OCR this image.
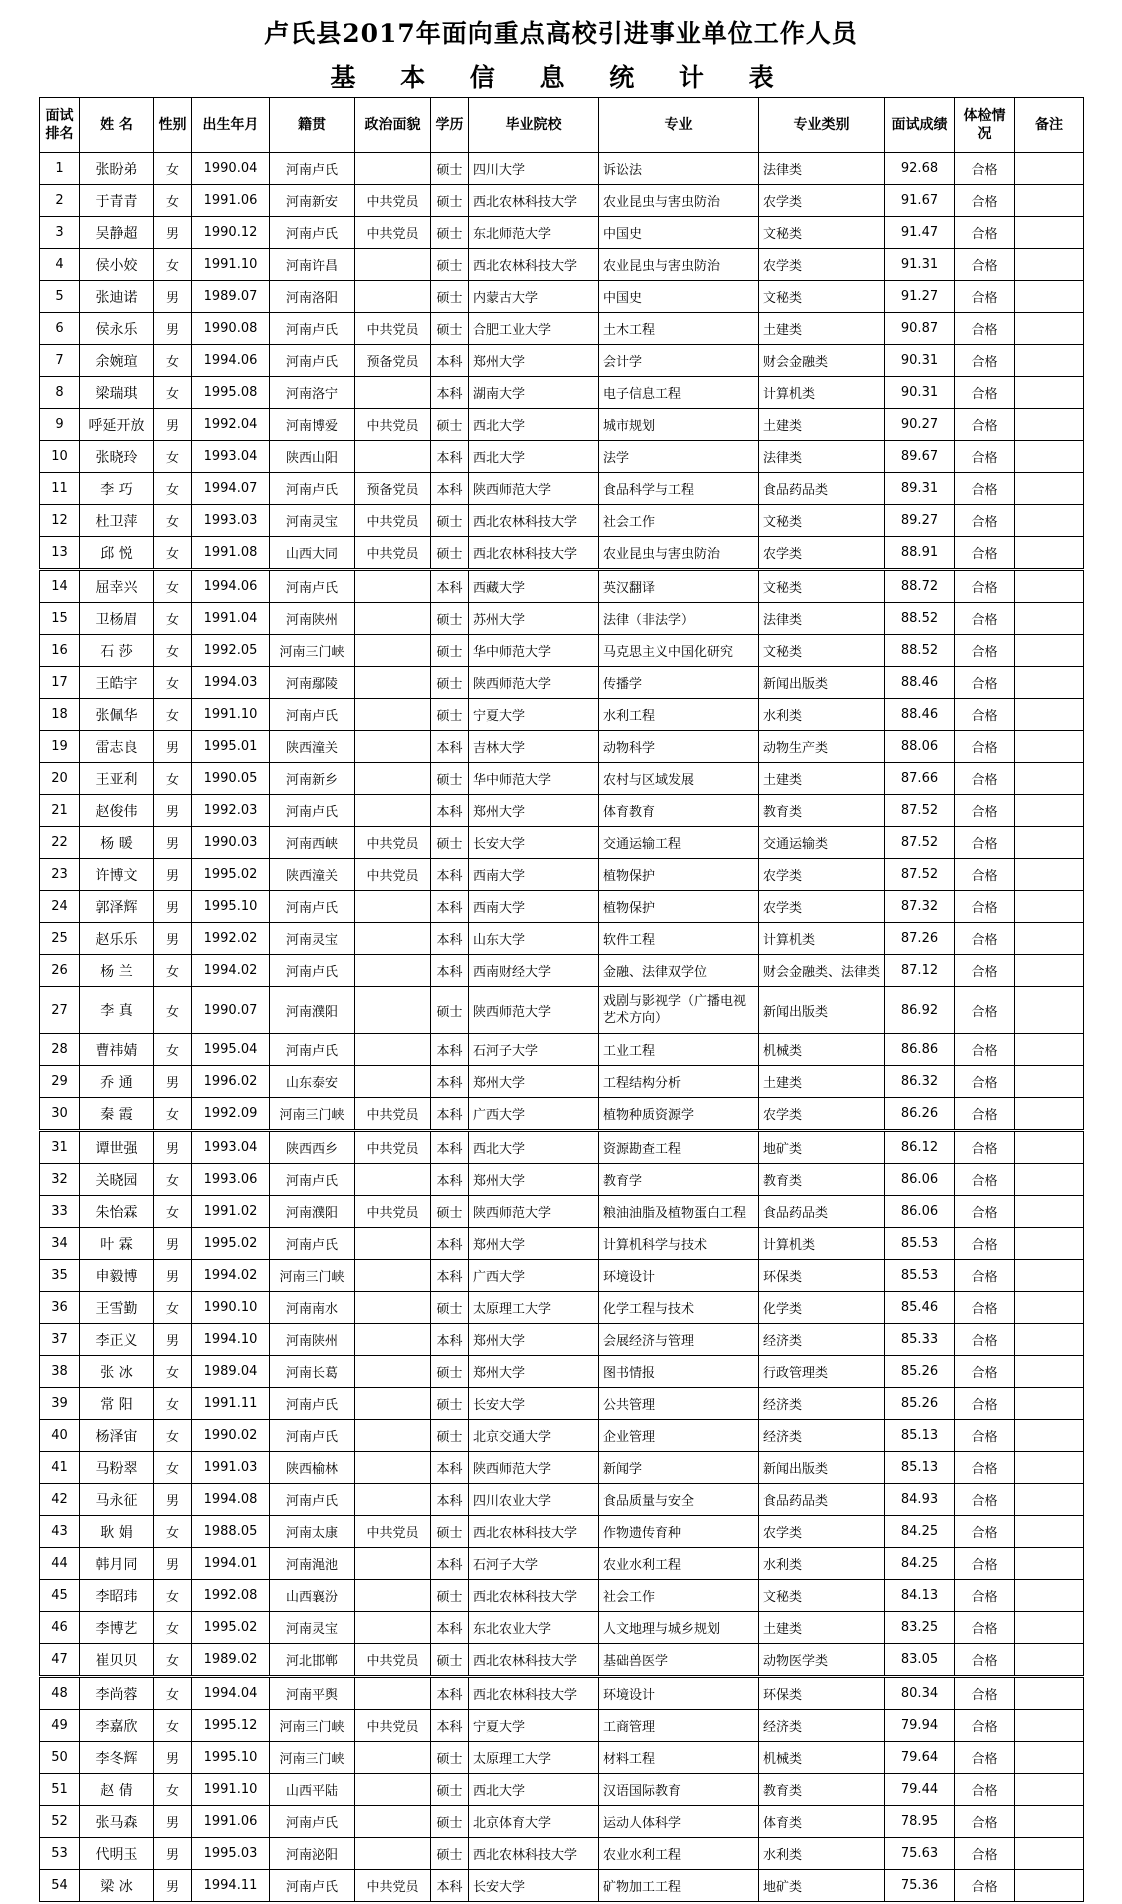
卢氏县2017年面向重点高校引进事业单位工作人员
基 本 信 息 统 计 表
面试排名	姓 名	性别	出生年月	籍贯	政治面貌	学历	毕业院校	专业	专业类别	面试成绩	体检情况	备注
1	张盼弟	女	1990.04	河南卢氏		硕士	四川大学	诉讼法	法律类	92.68	合格	
2	于青青	女	1991.06	河南新安	中共党员	硕士	西北农林科技大学	农业昆虫与害虫防治	农学类	91.67	合格	
3	吴静超	男	1990.12	河南卢氏	中共党员	硕士	东北师范大学	中国史	文秘类	91.47	合格	
4	侯小姣	女	1991.10	河南许昌		硕士	西北农林科技大学	农业昆虫与害虫防治	农学类	91.31	合格	
5	张迪诺	男	1989.07	河南洛阳		硕士	内蒙古大学	中国史	文秘类	91.27	合格	
6	侯永乐	男	1990.08	河南卢氏	中共党员	硕士	合肥工业大学	土木工程	土建类	90.87	合格	
7	余婉瑄	女	1994.06	河南卢氏	预备党员	本科	郑州大学	会计学	财会金融类	90.31	合格	
8	梁瑞琪	女	1995.08	河南洛宁		本科	湖南大学	电子信息工程	计算机类	90.31	合格	
9	呼延开放	男	1992.04	河南博爱	中共党员	硕士	西北大学	城市规划	土建类	90.27	合格	
10	张晓玲	女	1993.04	陕西山阳		本科	西北大学	法学	法律类	89.67	合格	
11	李 巧	女	1994.07	河南卢氏	预备党员	本科	陕西师范大学	食品科学与工程	食品药品类	89.31	合格	
12	杜卫萍	女	1993.03	河南灵宝	中共党员	硕士	西北农林科技大学	社会工作	文秘类	89.27	合格	
13	邱 悦	女	1991.08	山西大同	中共党员	硕士	西北农林科技大学	农业昆虫与害虫防治	农学类	88.91	合格	
14	屈幸兴	女	1994.06	河南卢氏		本科	西藏大学	英汉翻译	文秘类	88.72	合格	
15	卫杨眉	女	1991.04	河南陕州		硕士	苏州大学	法律（非法学）	法律类	88.52	合格	
16	石 莎	女	1992.05	河南三门峡		硕士	华中师范大学	马克思主义中国化研究	文秘类	88.52	合格	
17	王皓宇	女	1994.03	河南鄢陵		硕士	陕西师范大学	传播学	新闻出版类	88.46	合格	
18	张佩华	女	1991.10	河南卢氏		硕士	宁夏大学	水利工程	水利类	88.46	合格	
19	雷志良	男	1995.01	陕西潼关		本科	吉林大学	动物科学	动物生产类	88.06	合格	
20	王亚利	女	1990.05	河南新乡		硕士	华中师范大学	农村与区域发展	土建类	87.66	合格	
21	赵俊伟	男	1992.03	河南卢氏		本科	郑州大学	体育教育	教育类	87.52	合格	
22	杨 暖	男	1990.03	河南西峡	中共党员	硕士	长安大学	交通运输工程	交通运输类	87.52	合格	
23	许博文	男	1995.02	陕西潼关	中共党员	本科	西南大学	植物保护	农学类	87.52	合格	
24	郭泽辉	男	1995.10	河南卢氏		本科	西南大学	植物保护	农学类	87.32	合格	
25	赵乐乐	男	1992.02	河南灵宝		本科	山东大学	软件工程	计算机类	87.26	合格	
26	杨 兰	女	1994.02	河南卢氏		本科	西南财经大学	金融、法律双学位	财会金融类、法律类	87.12	合格	
27	李 真	女	1990.07	河南濮阳		硕士	陕西师范大学	戏剧与影视学（广播电视艺术方向）	新闻出版类	86.92	合格	
28	曹祎婧	女	1995.04	河南卢氏		本科	石河子大学	工业工程	机械类	86.86	合格	
29	乔 通	男	1996.02	山东泰安		本科	郑州大学	工程结构分析	土建类	86.32	合格	
30	秦 霞	女	1992.09	河南三门峡	中共党员	本科	广西大学	植物种质资源学	农学类	86.26	合格	
31	谭世强	男	1993.04	陕西西乡	中共党员	本科	西北大学	资源勘查工程	地矿类	86.12	合格	
32	关晓园	女	1993.06	河南卢氏		本科	郑州大学	教育学	教育类	86.06	合格	
33	朱怡霖	女	1991.02	河南濮阳	中共党员	硕士	陕西师范大学	粮油油脂及植物蛋白工程	食品药品类	86.06	合格	
34	叶 霖	男	1995.02	河南卢氏		本科	郑州大学	计算机科学与技术	计算机类	85.53	合格	
35	申毅博	男	1994.02	河南三门峡		本科	广西大学	环境设计	环保类	85.53	合格	
36	王雪勤	女	1990.10	河南南水		硕士	太原理工大学	化学工程与技术	化学类	85.46	合格	
37	李正义	男	1994.10	河南陕州		本科	郑州大学	会展经济与管理	经济类	85.33	合格	
38	张 冰	女	1989.04	河南长葛		硕士	郑州大学	图书情报	行政管理类	85.26	合格	
39	常 阳	女	1991.11	河南卢氏		硕士	长安大学	公共管理	经济类	85.26	合格	
40	杨泽宙	女	1990.02	河南卢氏		硕士	北京交通大学	企业管理	经济类	85.13	合格	
41	马粉翠	女	1991.03	陕西榆林		本科	陕西师范大学	新闻学	新闻出版类	85.13	合格	
42	马永征	男	1994.08	河南卢氏		本科	四川农业大学	食品质量与安全	食品药品类	84.93	合格	
43	耿 娟	女	1988.05	河南太康	中共党员	硕士	西北农林科技大学	作物遗传育种	农学类	84.25	合格	
44	韩月同	男	1994.01	河南渑池		本科	石河子大学	农业水利工程	水利类	84.25	合格	
45	李昭玮	女	1992.08	山西襄汾		硕士	西北农林科技大学	社会工作	文秘类	84.13	合格	
46	李博艺	女	1995.02	河南灵宝		本科	东北农业大学	人文地理与城乡规划	土建类	83.25	合格	
47	崔贝贝	女	1989.02	河北邯郸	中共党员	硕士	西北农林科技大学	基础兽医学	动物医学类	83.05	合格	
48	李尚蓉	女	1994.04	河南平舆		本科	西北农林科技大学	环境设计	环保类	80.34	合格	
49	李嘉欣	女	1995.12	河南三门峡	中共党员	本科	宁夏大学	工商管理	经济类	79.94	合格	
50	李冬辉	男	1995.10	河南三门峡		硕士	太原理工大学	材料工程	机械类	79.64	合格	
51	赵 倩	女	1991.10	山西平陆		硕士	西北大学	汉语国际教育	教育类	79.44	合格	
52	张马森	男	1991.06	河南卢氏		硕士	北京体育大学	运动人体科学	体育类	78.95	合格	
53	代明玉	男	1995.03	河南泌阳		硕士	西北农林科技大学	农业水利工程	水利类	75.63	合格	
54	梁 冰	男	1994.11	河南卢氏	中共党员	本科	长安大学	矿物加工工程	地矿类	75.36	合格	
